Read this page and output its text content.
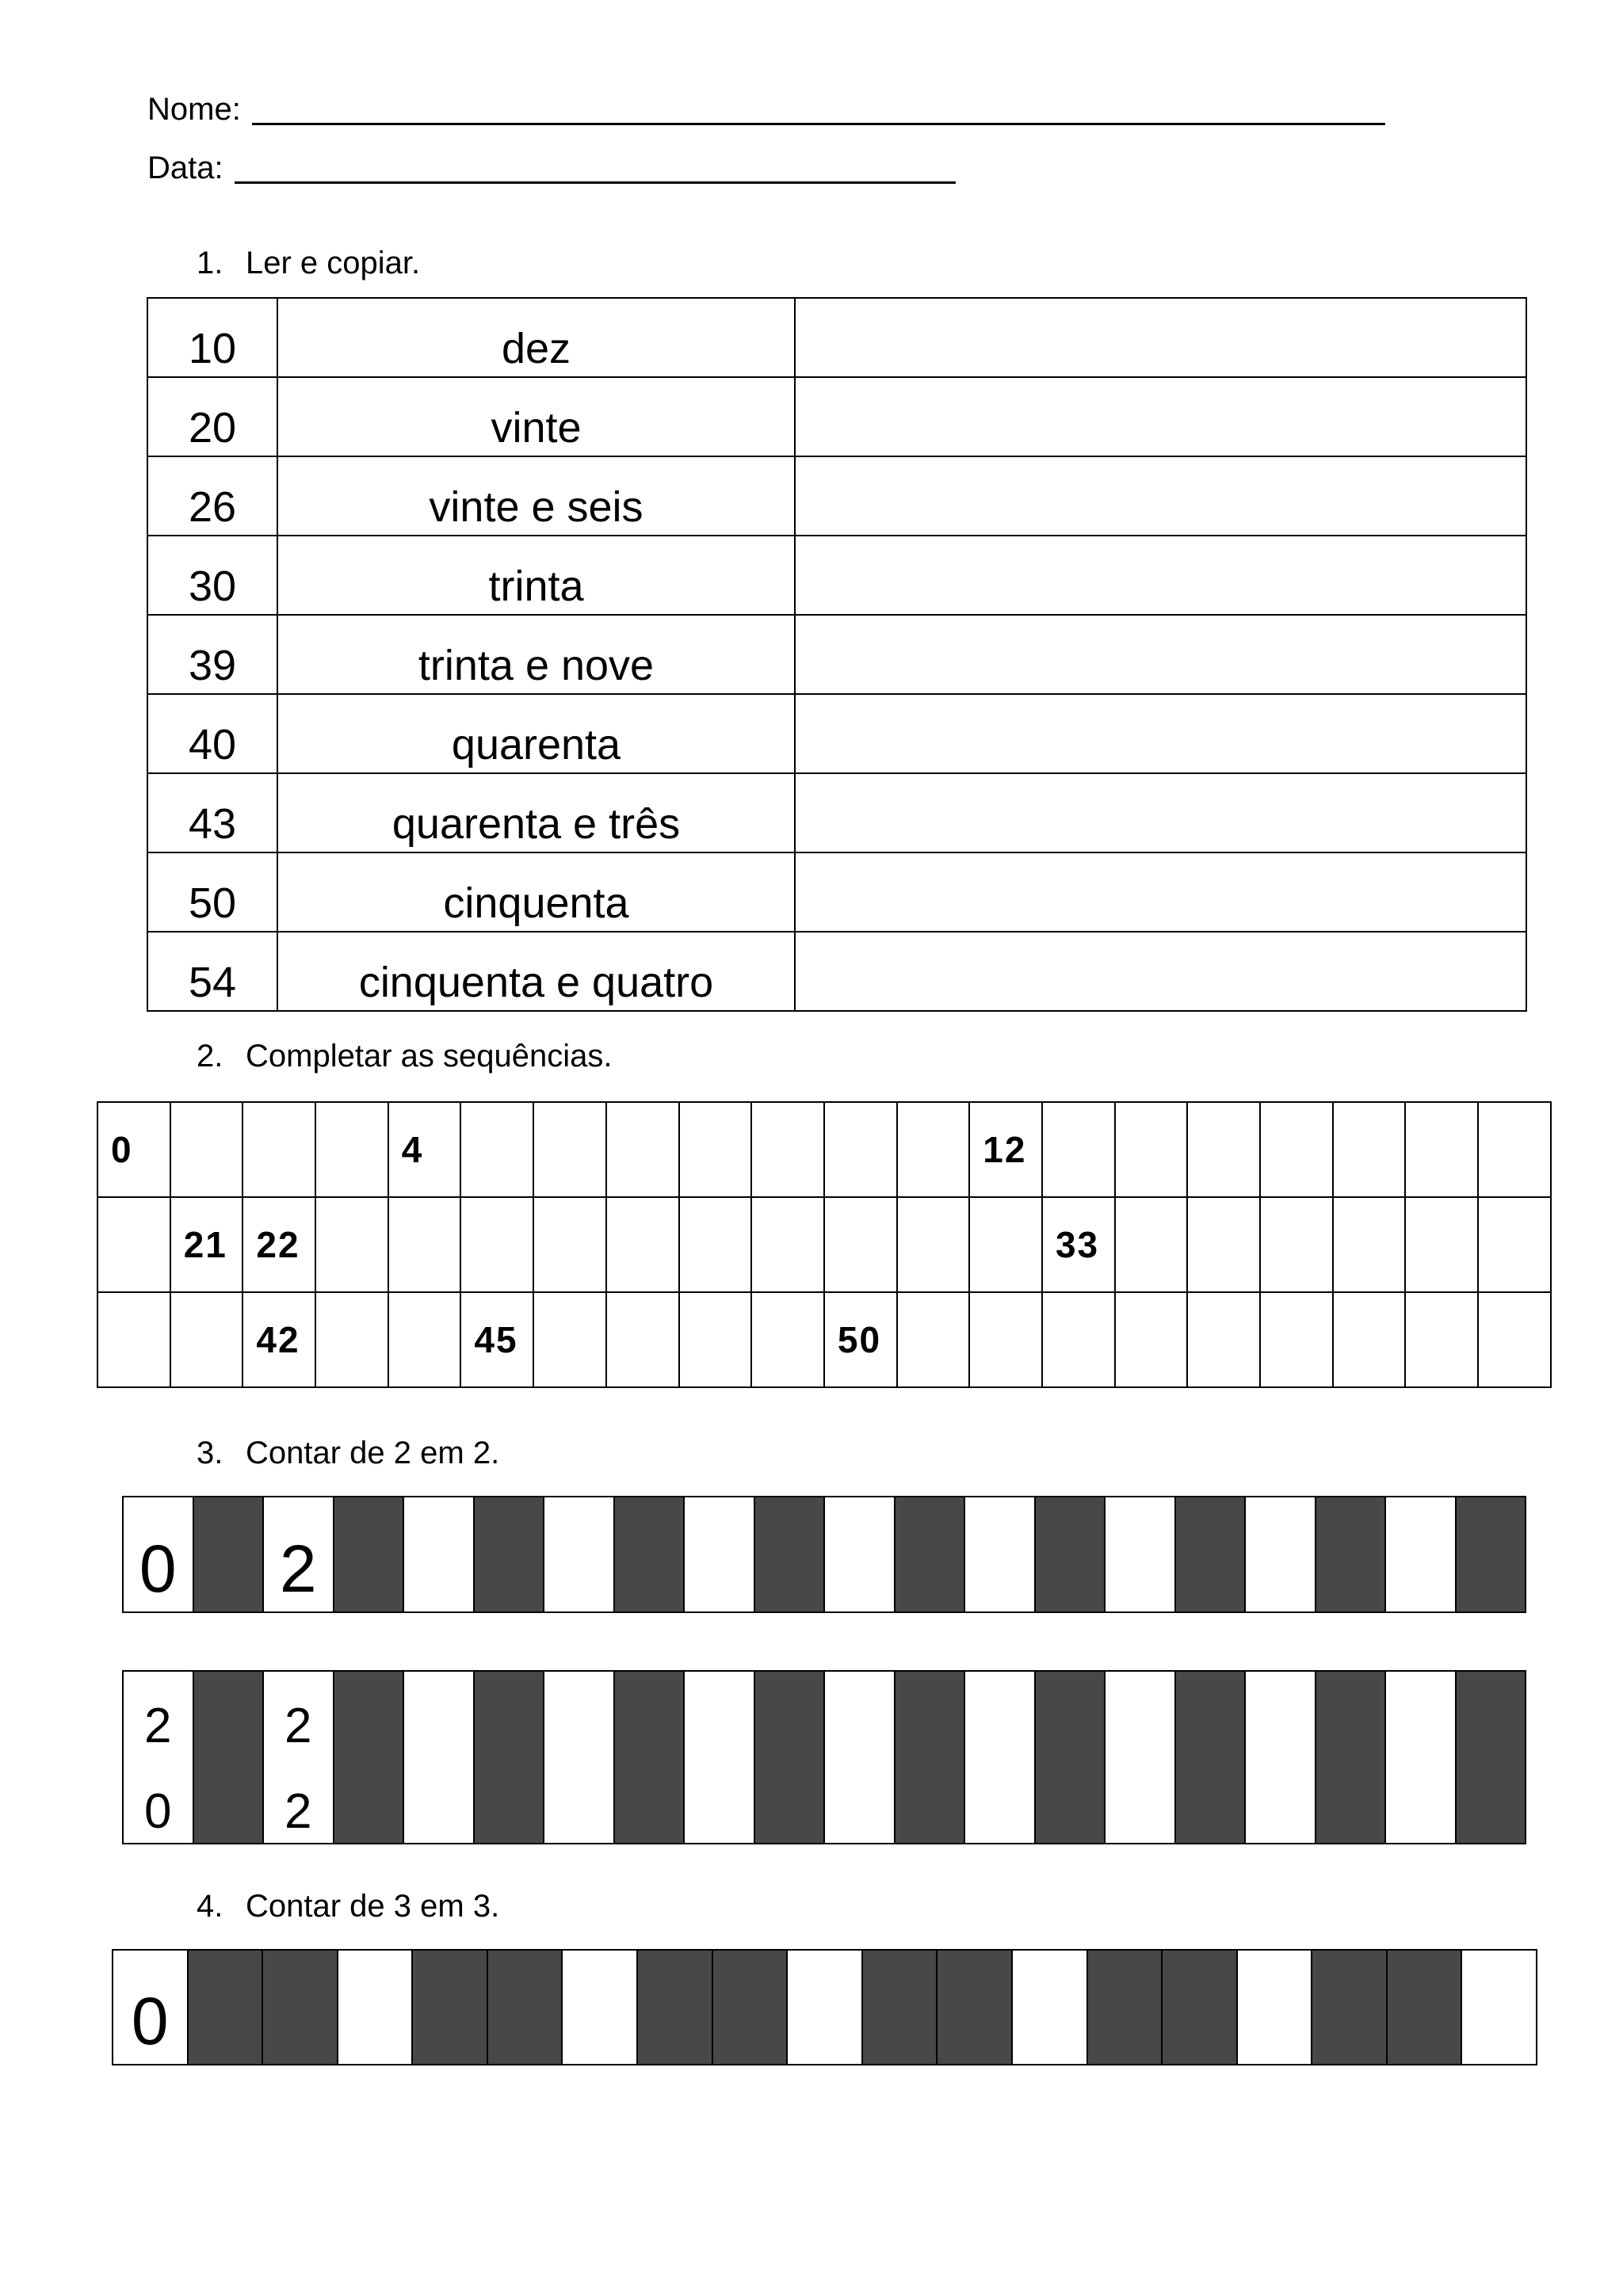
Nome:
Data:
1. Ler e copiar.
10	dez	
20	vinte	
26	vinte e seis	
30	trinta	
39	trinta e nove	
40	quarenta	
43	quarenta e três	
50	cinquenta	
54	cinquenta e quatro	
2. Completar as sequências.
0				4								12							
	21	22											33						
		42			45					50									
3. Contar de 2 em 2.
0 2
2
0
2
2
4. Contar de 3 em 3.
0
